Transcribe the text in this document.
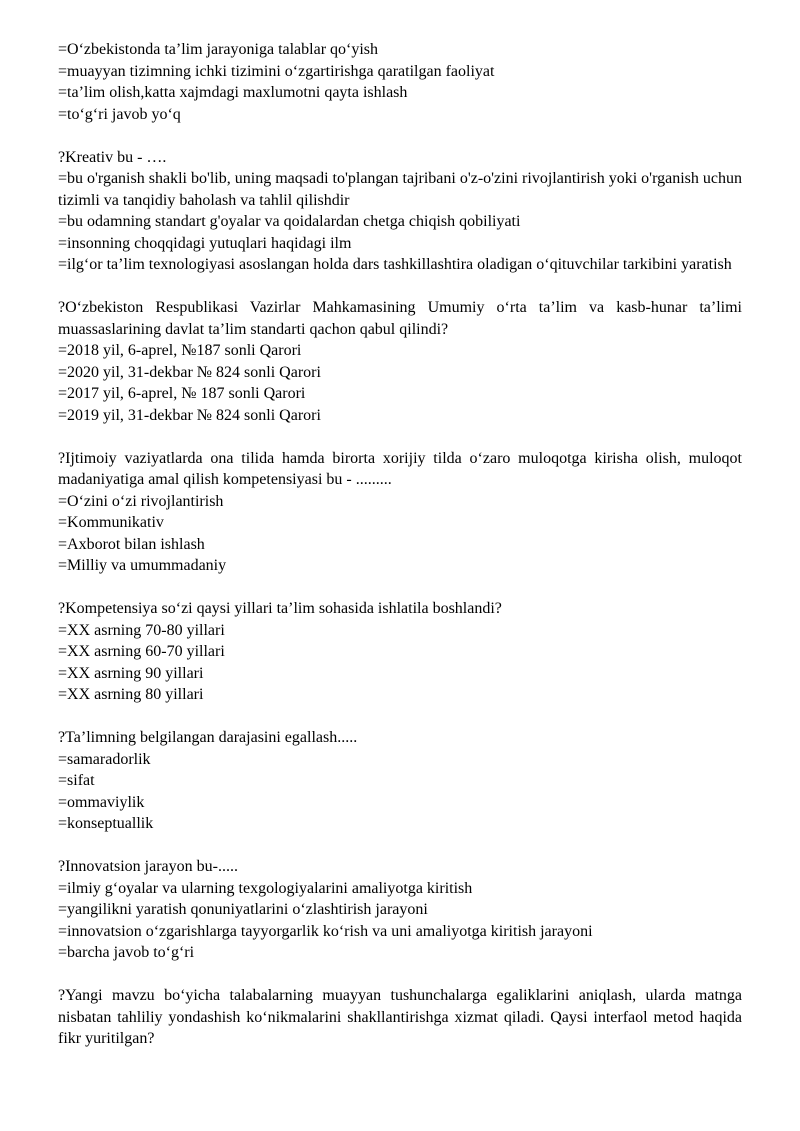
=O‘zbekistonda ta’lim jarayoniga talablar qo‘yish
=muayyan tizimning ichki tizimini o‘zgartirishga qaratilgan faoliyat
=ta’lim olish,katta xajmdagi maxlumotni qayta ishlash
=to‘g‘ri javob yo‘q
?Kreativ bu - ….
=bu o'rganish shakli bo'lib, uning maqsadi to'plangan tajribani o'z-o'zini rivojlantirish yoki o'rganish uchun tizimli va tanqidiy baholash va tahlil qilishdir
=bu odamning standart g'oyalar va qoidalardan chetga chiqish qobiliyati
=insonning choqqidagi yutuqlari haqidagi ilm
=ilg‘or ta’lim texnologiyasi asoslangan holda dars tashkillashtira oladigan o‘qituvchilar tarkibini yaratish
?O‘zbekiston Respublikasi Vazirlar Mahkamasining Umumiy o‘rta ta’lim va kasb-hunar ta’limi muassaslarining davlat ta’lim standarti qachon qabul qilindi?
=2018 yil, 6-aprel, №187 sonli Qarori
=2020 yil, 31-dekbar № 824 sonli Qarori
=2017 yil, 6-aprel, № 187 sonli Qarori
=2019 yil, 31-dekbar № 824 sonli Qarori
?Ijtimoiy vaziyatlarda ona tilida hamda birorta xorijiy tilda o‘zaro muloqotga kirisha olish, muloqot madaniyatiga amal qilish kompetensiyasi bu - .........
=O‘zini o‘zi rivojlantirish
=Kommunikativ
=Axborot bilan ishlash
=Milliy va umummadaniy
?Kompetensiya so‘zi qaysi yillari ta’lim sohasida ishlatila boshlandi?
=XX asrning 70-80 yillari
=XX asrning 60-70 yillari
=XX asrning 90 yillari
=XX asrning 80 yillari
?Ta’limning belgilangan darajasini egallash.....
=samaradorlik
=sifat
=ommaviylik
=konseptuallik
?Innovatsion jarayon bu-.....
=ilmiy g‘oyalar va ularning texgologiyalarini amaliyotga kiritish
=yangilikni yaratish qonuniyatlarini o‘zlashtirish jarayoni
=innovatsion o‘zgarishlarga tayyorgarlik ko‘rish va uni amaliyotga kiritish jarayoni
=barcha javob to‘g‘ri
?Yangi mavzu bo‘yicha talabalarning muayyan tushunchalarga egaliklarini aniqlash, ularda matnga nisbatan tahliliy yondashish ko‘nikmalarini shakllantirishga xizmat qiladi. Qaysi interfaol metod haqida fikr yuritilgan?
